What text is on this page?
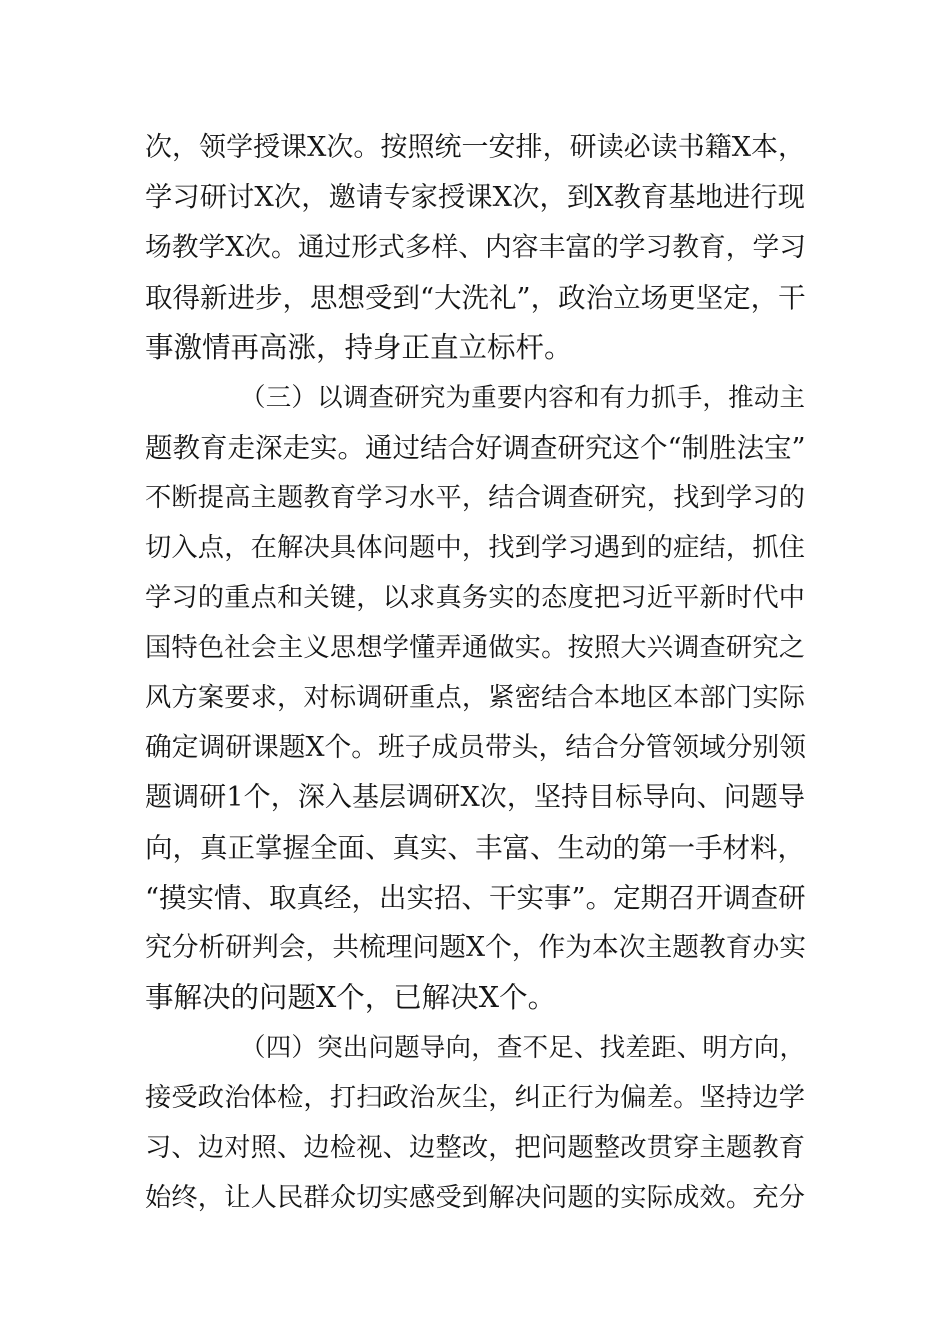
次，领学授课X次。按照统一安排，研读必读书籍X本，
学习研讨X次，邀请专家授课X次，到X教育基地进行现
场教学X次。通过形式多样、内容丰富的学习教育，学习
取得新进步，思想受到“大洗礼”，政治立场更坚定，干
事激情再高涨，持身正直立标杆。
（三）以调查研究为重要内容和有力抓手，推动主
题教育走深走实。通过结合好调查研究这个“制胜法宝”
不断提高主题教育学习水平，结合调查研究，找到学习的
切入点，在解决具体问题中，找到学习遇到的症结，抓住
学习的重点和关键，以求真务实的态度把习近平新时代中
国特色社会主义思想学懂弄通做实。按照大兴调查研究之
风方案要求，对标调研重点，紧密结合本地区本部门实际
确定调研课题X个。班子成员带头，结合分管领域分别领
题调研1个，深入基层调研X次，坚持目标导向、问题导
向，真正掌握全面、真实、丰富、生动的第一手材料，
“摸实情、取真经，出实招、干实事”。定期召开调查研
究分析研判会，共梳理问题X个，作为本次主题教育办实
事解决的问题X个，已解决X个。
（四）突出问题导向，查不足、找差距、明方向，
接受政治体检，打扫政治灰尘，纠正行为偏差。坚持边学
习、边对照、边检视、边整改，把问题整改贯穿主题教育
始终，让人民群众切实感受到解决问题的实际成效。充分
